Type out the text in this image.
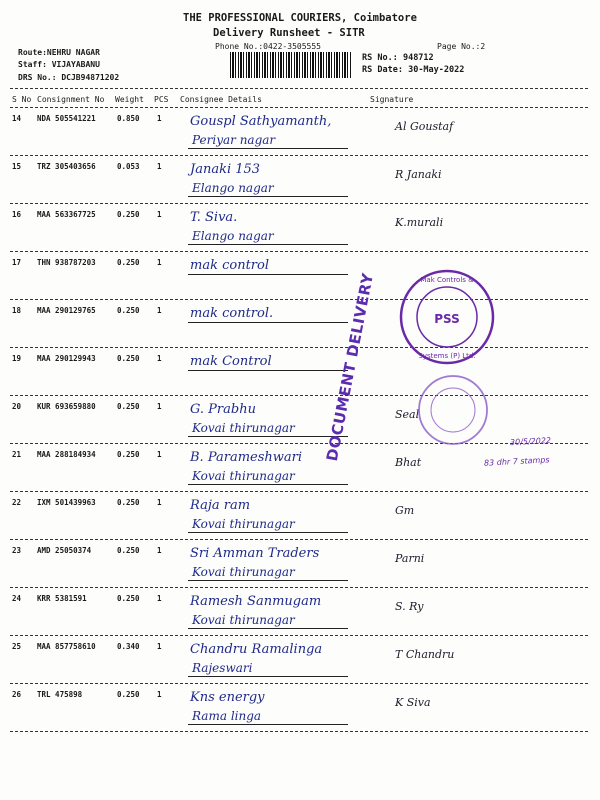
THE PROFESSIONAL COURIERS, Coimbatore
Delivery Runsheet - SITR
Phone No.:0422-3505555	Page No.:2
Route:NEHRU NAGAR
Staff: VIJAYABANU
DRS No.: DCJB94871202
RS No.: 948712
RS Date: 30-May-2022
S No Consignment No Weight PCS Consignee Details	Signature
14 NDA 505541221	0.850 1 Gouspl Sathyamanth,
Periyar nagar
Al Goustaf
15 TRZ 305403656	0.053 1 Janaki 153
Elango nagar
R Janaki
16 MAA 563367725	0.250 1 T. Siva.
Elango nagar
K.murali
17 THN 938787203	0.250 1 mak control
18 MAA 290129765	0.250 1 mak control.
19 MAA 290129943	0.250 1 mak Control
20 KUR 693659880	0.250 1 G. Prabhu
Kovai thirunagar
Seal
21 MAA 288184934	0.250 1 B. Parameshwari
Kovai thirunagar
Bhat
22 IXM 501439963	0.250 1 Raja ram
Kovai thirunagar
Gm
23 AMD 25050374	0.250 1 Sri Amman Traders
Kovai thirunagar
Parni
24 KRR 5381591	0.250 1 Ramesh Sanmugam
Kovai thirunagar
S. Ry
25 MAA 857758610	0.340 1 Chandru Ramalinga
Rajeswari
T Chandru
26 TRL 475898	0.250 1 Kns energy
Rama linga
K Siva
DOCUMENT DELIVERY	PSS
Mak Controls &
Systems (P) Ltd.
30/5/2022
83 dhr 7 stamps
